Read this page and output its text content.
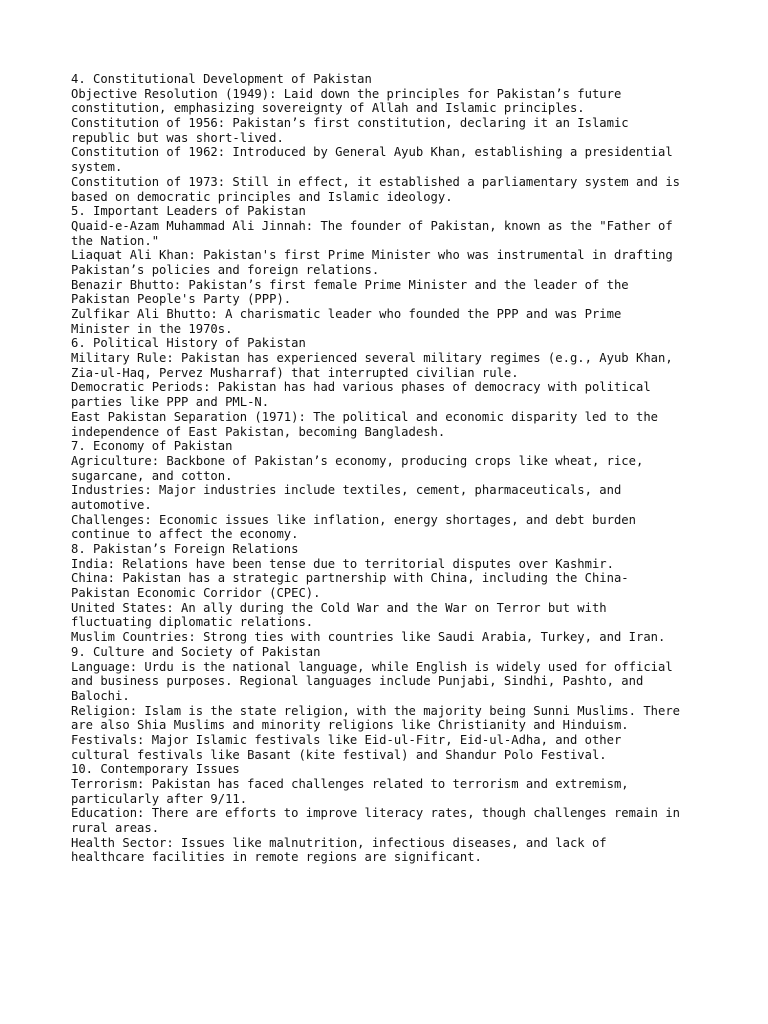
4. Constitutional Development of Pakistan
Objective Resolution (1949): Laid down the principles for Pakistan’s future
constitution, emphasizing sovereignty of Allah and Islamic principles.
Constitution of 1956: Pakistan’s first constitution, declaring it an Islamic
republic but was short-lived.
Constitution of 1962: Introduced by General Ayub Khan, establishing a presidential
system.
Constitution of 1973: Still in effect, it established a parliamentary system and is
based on democratic principles and Islamic ideology.
5. Important Leaders of Pakistan
Quaid-e-Azam Muhammad Ali Jinnah: The founder of Pakistan, known as the "Father of
the Nation."
Liaquat Ali Khan: Pakistan's first Prime Minister who was instrumental in drafting
Pakistan’s policies and foreign relations.
Benazir Bhutto: Pakistan’s first female Prime Minister and the leader of the
Pakistan People's Party (PPP).
Zulfikar Ali Bhutto: A charismatic leader who founded the PPP and was Prime
Minister in the 1970s.
6. Political History of Pakistan
Military Rule: Pakistan has experienced several military regimes (e.g., Ayub Khan,
Zia-ul-Haq, Pervez Musharraf) that interrupted civilian rule.
Democratic Periods: Pakistan has had various phases of democracy with political
parties like PPP and PML-N.
East Pakistan Separation (1971): The political and economic disparity led to the
independence of East Pakistan, becoming Bangladesh.
7. Economy of Pakistan
Agriculture: Backbone of Pakistan’s economy, producing crops like wheat, rice,
sugarcane, and cotton.
Industries: Major industries include textiles, cement, pharmaceuticals, and
automotive.
Challenges: Economic issues like inflation, energy shortages, and debt burden
continue to affect the economy.
8. Pakistan’s Foreign Relations
India: Relations have been tense due to territorial disputes over Kashmir.
China: Pakistan has a strategic partnership with China, including the China-
Pakistan Economic Corridor (CPEC).
United States: An ally during the Cold War and the War on Terror but with
fluctuating diplomatic relations.
Muslim Countries: Strong ties with countries like Saudi Arabia, Turkey, and Iran.
9. Culture and Society of Pakistan
Language: Urdu is the national language, while English is widely used for official
and business purposes. Regional languages include Punjabi, Sindhi, Pashto, and
Balochi.
Religion: Islam is the state religion, with the majority being Sunni Muslims. There
are also Shia Muslims and minority religions like Christianity and Hinduism.
Festivals: Major Islamic festivals like Eid-ul-Fitr, Eid-ul-Adha, and other
cultural festivals like Basant (kite festival) and Shandur Polo Festival.
10. Contemporary Issues
Terrorism: Pakistan has faced challenges related to terrorism and extremism,
particularly after 9/11.
Education: There are efforts to improve literacy rates, though challenges remain in
rural areas.
Health Sector: Issues like malnutrition, infectious diseases, and lack of
healthcare facilities in remote regions are significant.
